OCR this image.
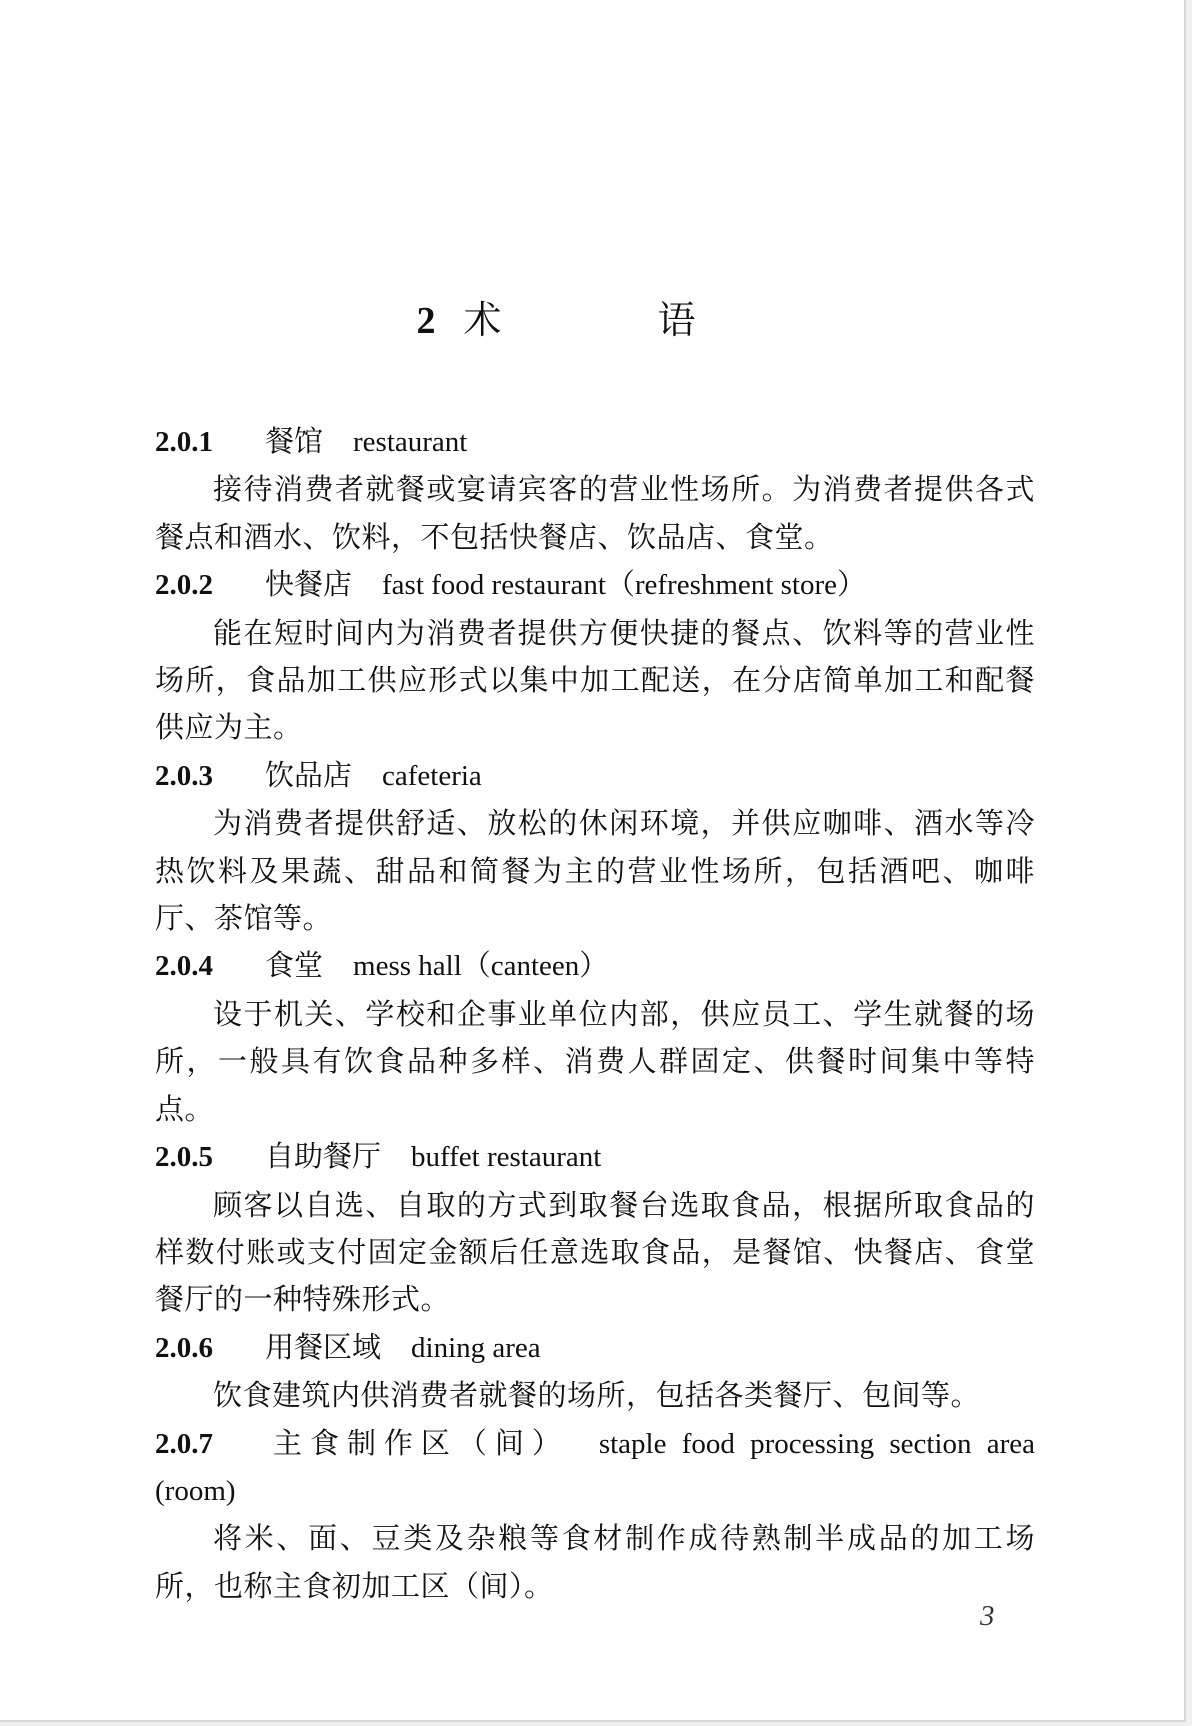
2 术 语

2.0.1 餐馆 restaurant

接待消费者就餐或宴请宾客的营业性场所。为消费者提供各式餐点和酒水、饮料，不包括快餐店、饮品店、食堂。

2.0.2 快餐店 fast food restaurant（refreshment store）

能在短时间内为消费者提供方便快捷的餐点、饮料等的营业性场所，食品加工供应形式以集中加工配送，在分店简单加工和配餐供应为主。

2.0.3 饮品店 cafeteria

为消费者提供舒适、放松的休闲环境，并供应咖啡、酒水等冷热饮料及果蔬、甜品和简餐为主的营业性场所，包括酒吧、咖啡厅、茶馆等。

2.0.4 食堂 mess hall（canteen）

设于机关、学校和企事业单位内部，供应员工、学生就餐的场所，一般具有饮食品种多样、消费人群固定、供餐时间集中等特点。

2.0.5 自助餐厅 buffet restaurant

顾客以自选、自取的方式到取餐台选取食品，根据所取食品的样数付账或支付固定金额后任意选取食品，是餐馆、快餐店、食堂餐厅的一种特殊形式。

2.0.6 用餐区域 dining area

饮食建筑内供消费者就餐的场所，包括各类餐厅、包间等。

2.0.7 主食制作区（间） staple food processing section area

(room)

将米、面、豆类及杂粮等食材制作成待熟制半成品的加工场所，也称主食初加工区（间）。

3
